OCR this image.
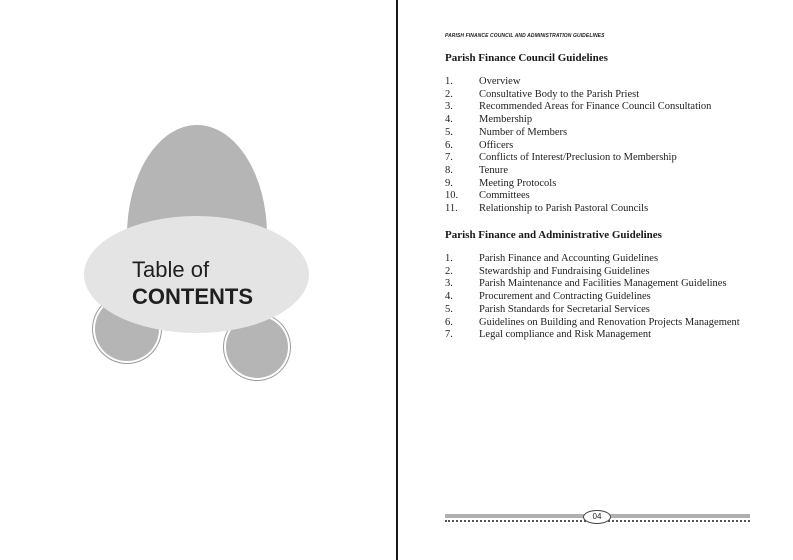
Table of
CONTENTS
PARISH FINANCE COUNCIL AND ADMINISTRATION GUIDELINES
Parish Finance Council Guidelines
1. Overview
2. Consultative Body to the Parish Priest
3. Recommended Areas for Finance Council Consultation
4. Membership
5. Number of Members
6. Officers
7. Conflicts of Interest/Preclusion to Membership
8. Tenure
9. Meeting Protocols
10. Committees
11. Relationship to Parish Pastoral Councils
Parish Finance and Administrative Guidelines
1. Parish Finance and Accounting Guidelines
2. Stewardship and Fundraising Guidelines
3. Parish Maintenance and Facilities Management Guidelines
4. Procurement and Contracting Guidelines
5. Parish Standards for Secretarial Services
6. Guidelines on Building and Renovation Projects Management
7. Legal compliance and Risk Management
04
